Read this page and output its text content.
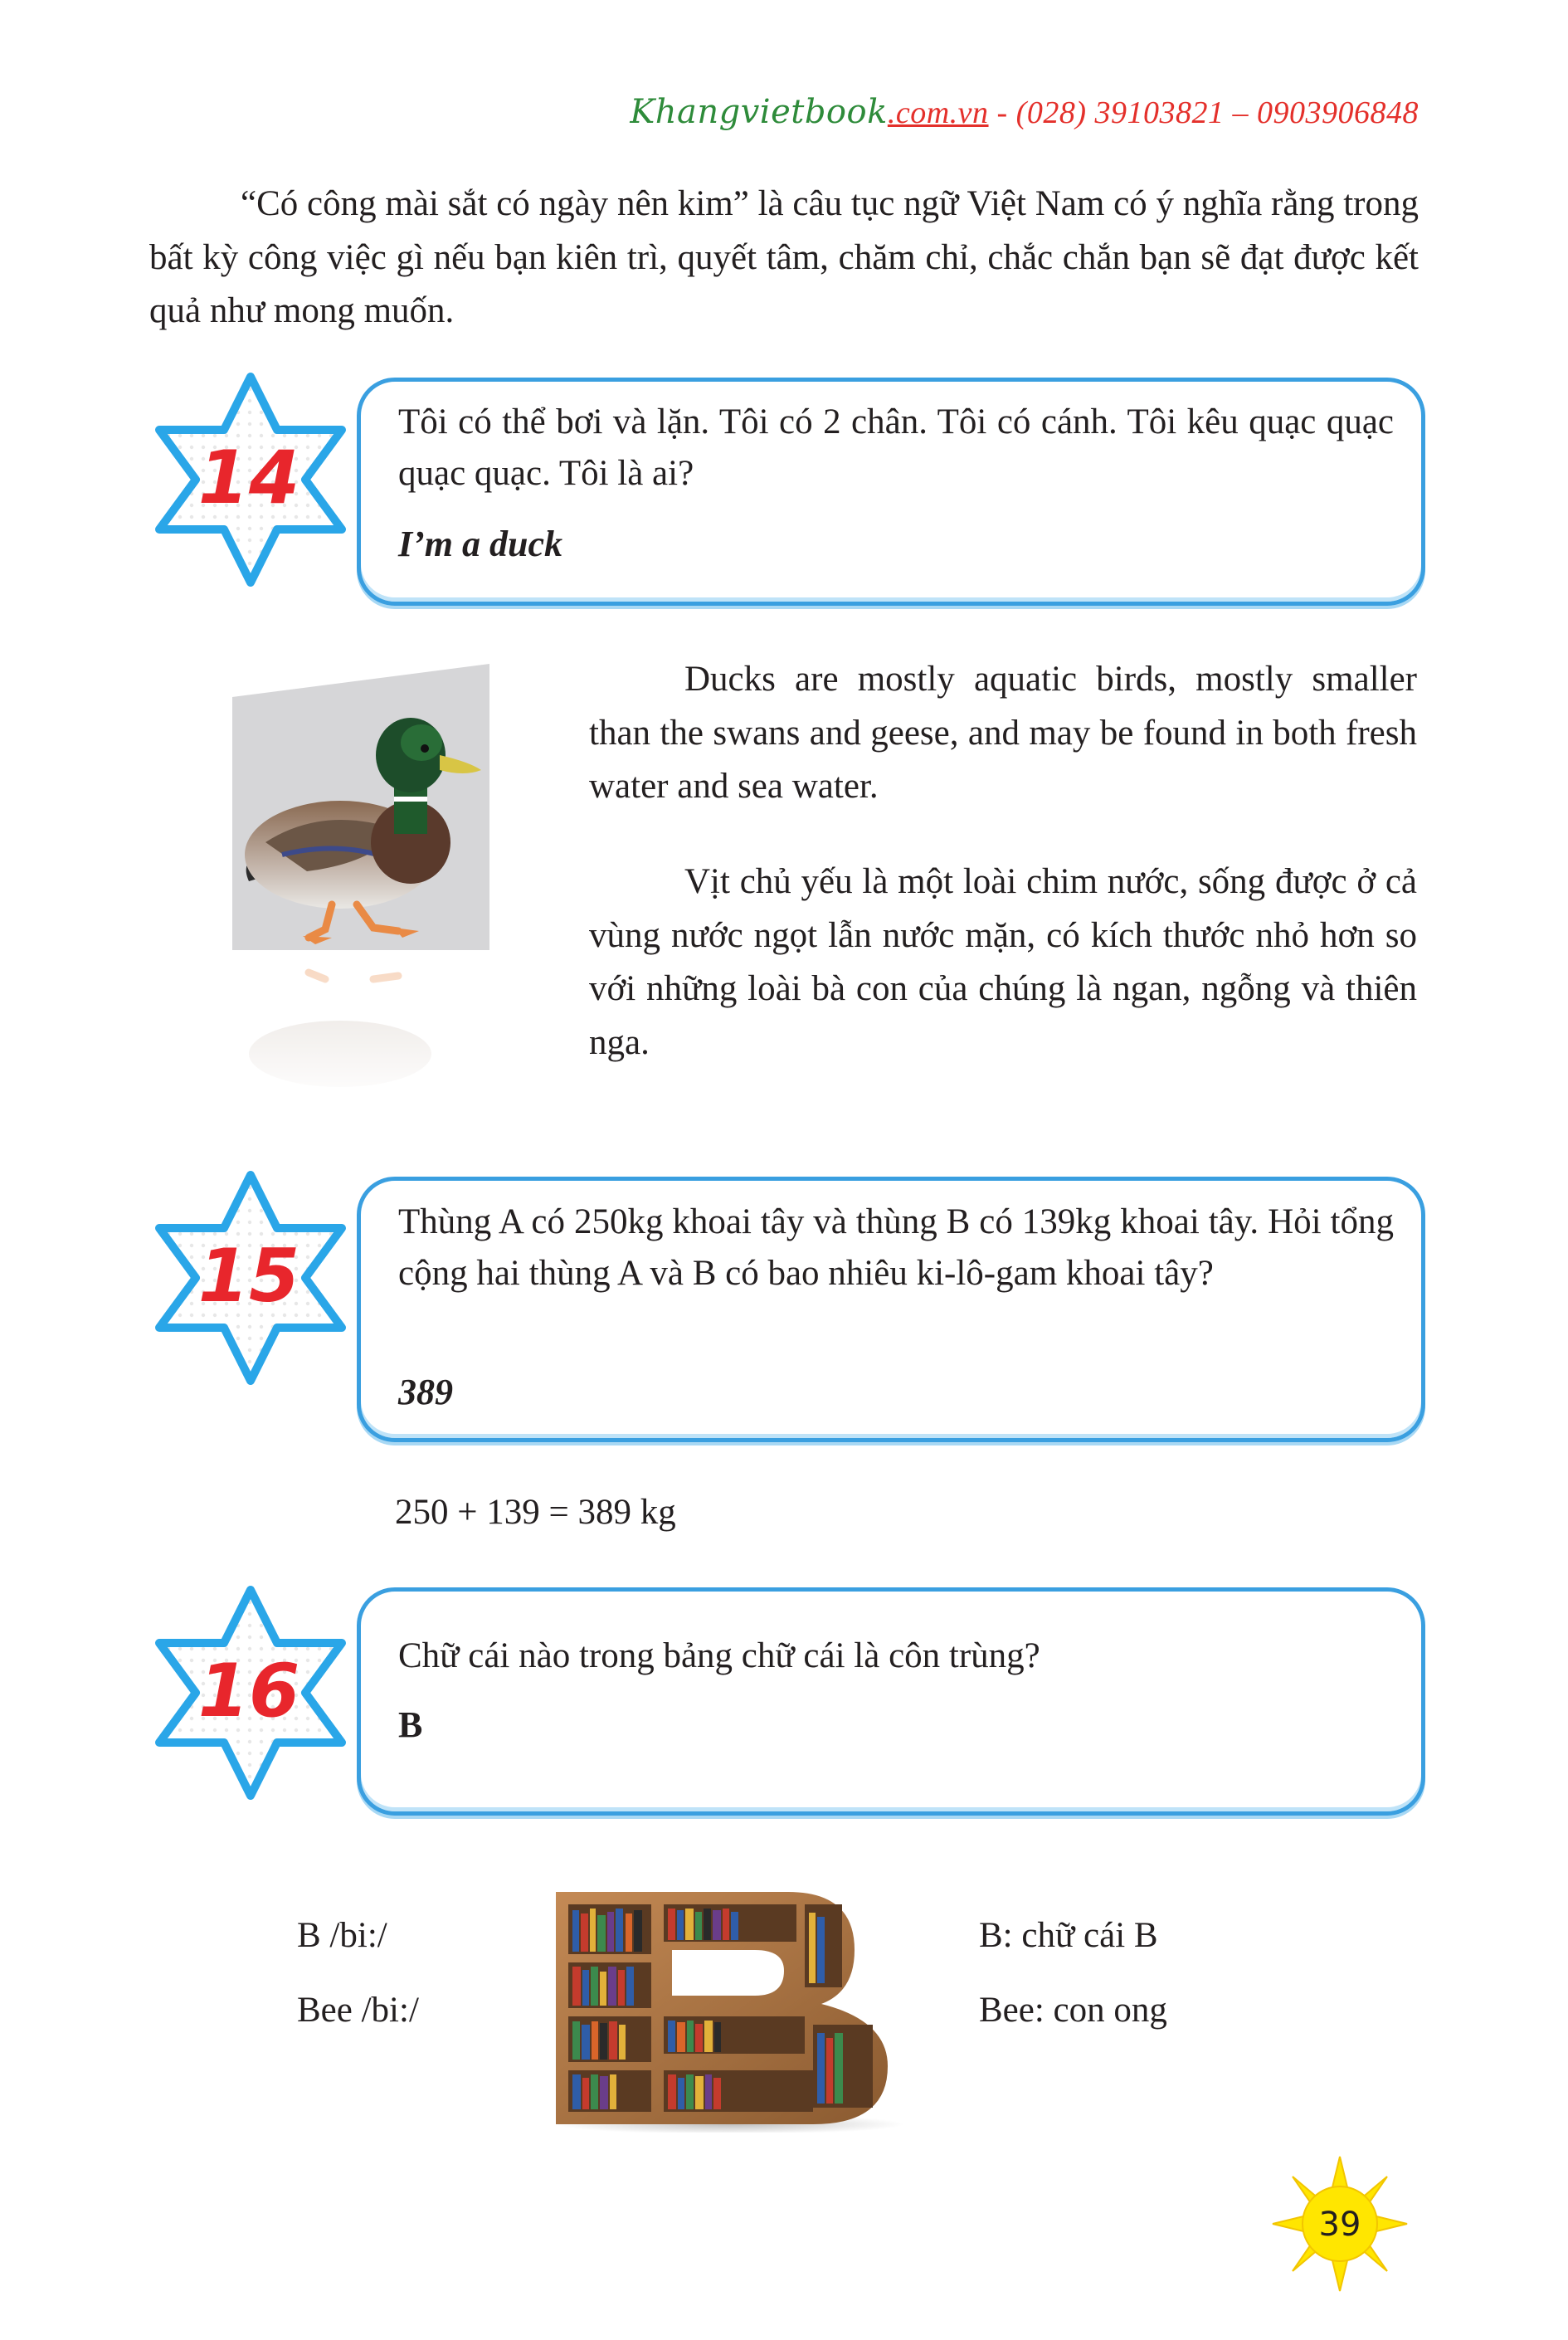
Khangvietbook.com.vn - (028) 39103821 – 0903906848
“Có công mài sắt có ngày nên kim” là câu tục ngữ Việt Nam có ý nghĩa rằng trong bất kỳ công việc gì nếu bạn kiên trì, quyết tâm, chăm chỉ, chắc chắn bạn sẽ đạt được kết quả như mong muốn.
14
Tôi có thể bơi và lặn. Tôi có 2 chân. Tôi có cánh. Tôi kêu quạc quạc quạc quạc. Tôi là ai?
I’m a duck
Ducks are mostly aquatic birds, mostly smaller than the swans and geese, and may be found in both fresh water and sea water.
Vịt chủ yếu là một loài chim nước, sống được ở cả vùng nước ngọt lẫn nước mặn, có kích thước nhỏ hơn so với những loài bà con của chúng là ngan, ngỗng và thiên nga.
15
Thùng A có 250kg khoai tây và thùng B có 139kg khoai tây. Hỏi tổng cộng hai thùng A và B có bao nhiêu ki-lô-gam khoai tây?
389
250 + 139 = 389 kg
16	Chữ cái nào trong bảng chữ cái là côn trùng?
B
B /bi:/
Bee /bi:/
B: chữ cái B
Bee: con ong
39
